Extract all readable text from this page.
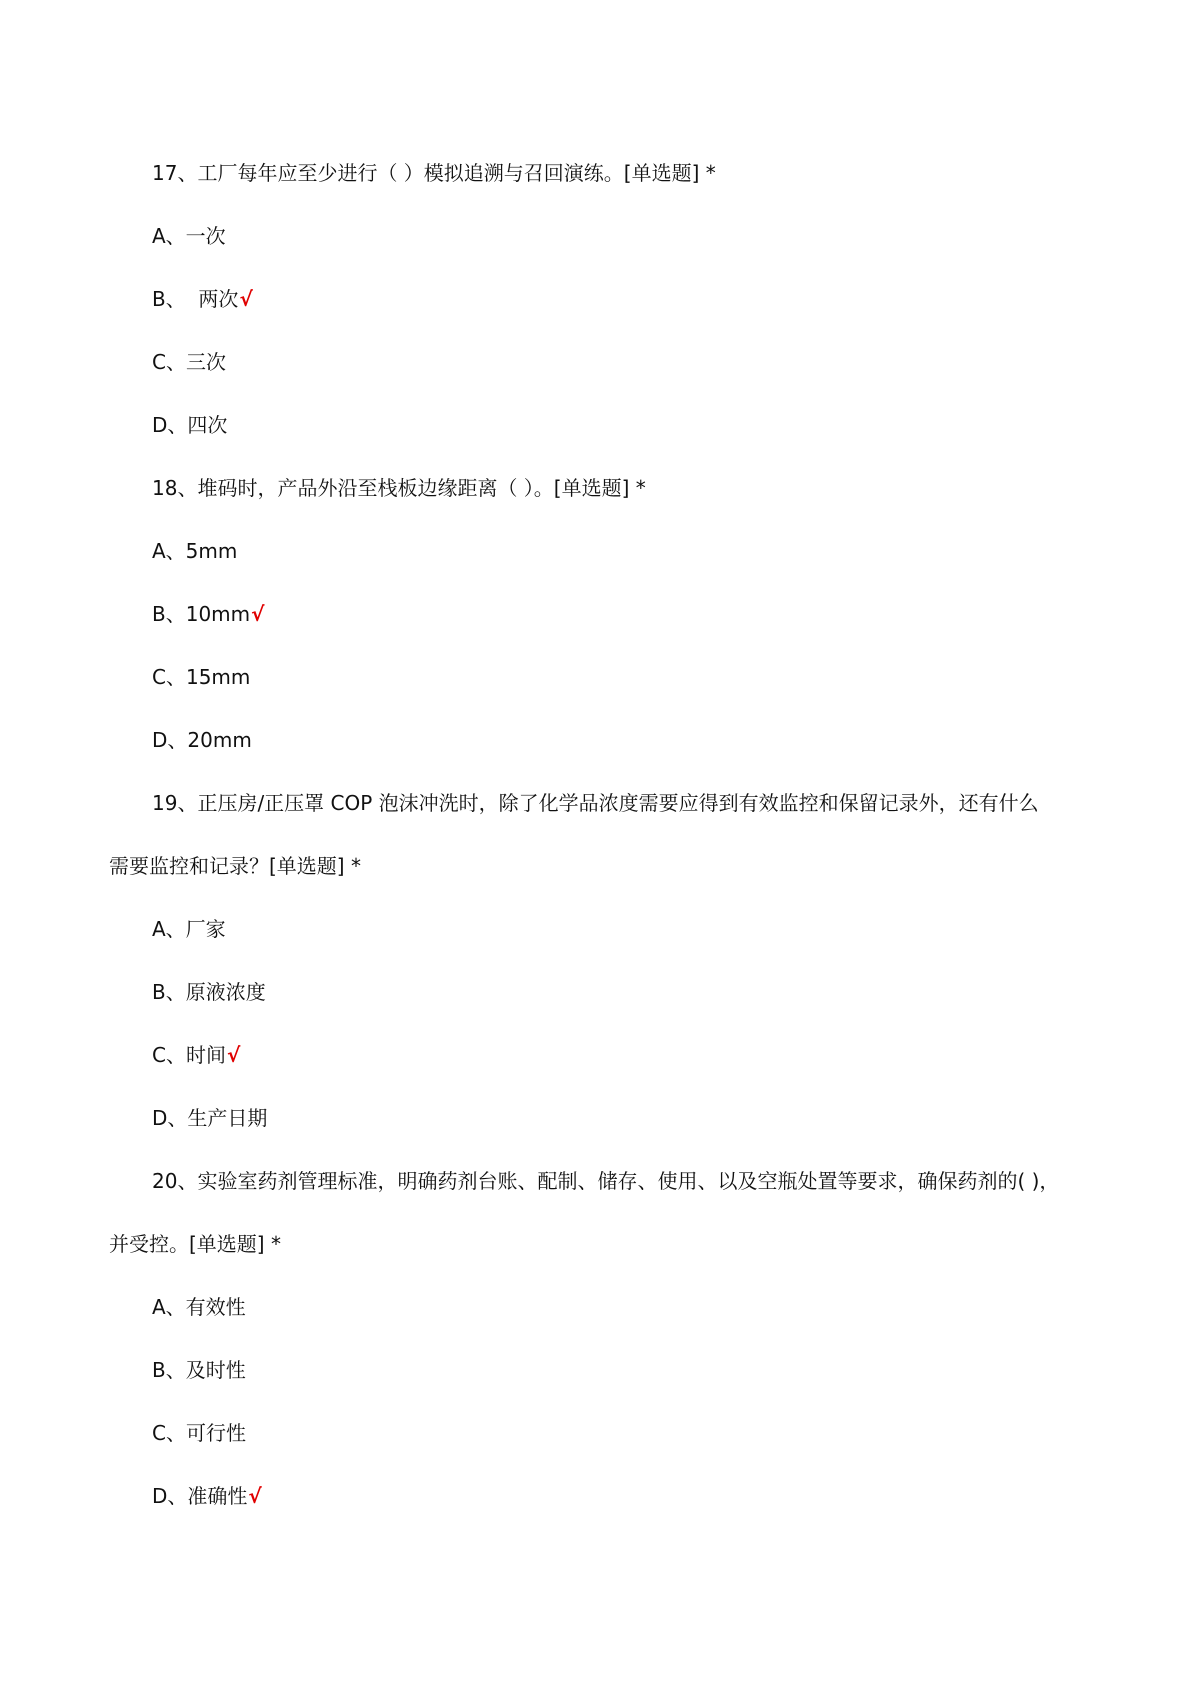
17、工厂每年应至少进行（ ）模拟追溯与召回演练。[单选题] *
A、一次
B、  两次√
C、三次
D、四次
18、堆码时，产品外沿至栈板边缘距离（ ）。[单选题] *
A、5mm
B、10mm√
C、15mm
D、20mm
19、正压房/正压罩 COP 泡沫冲洗时，除了化学品浓度需要应得到有效监控和保留记录外，还有什么
需要监控和记录？[单选题] *
A、厂家
B、原液浓度
C、时间√
D、生产日期
20、实验室药剂管理标准，明确药剂台账、配制、储存、使用、以及空瓶处置等要求，确保药剂的( )，
并受控。[单选题] *
A、有效性
B、及时性
C、可行性
D、准确性√
